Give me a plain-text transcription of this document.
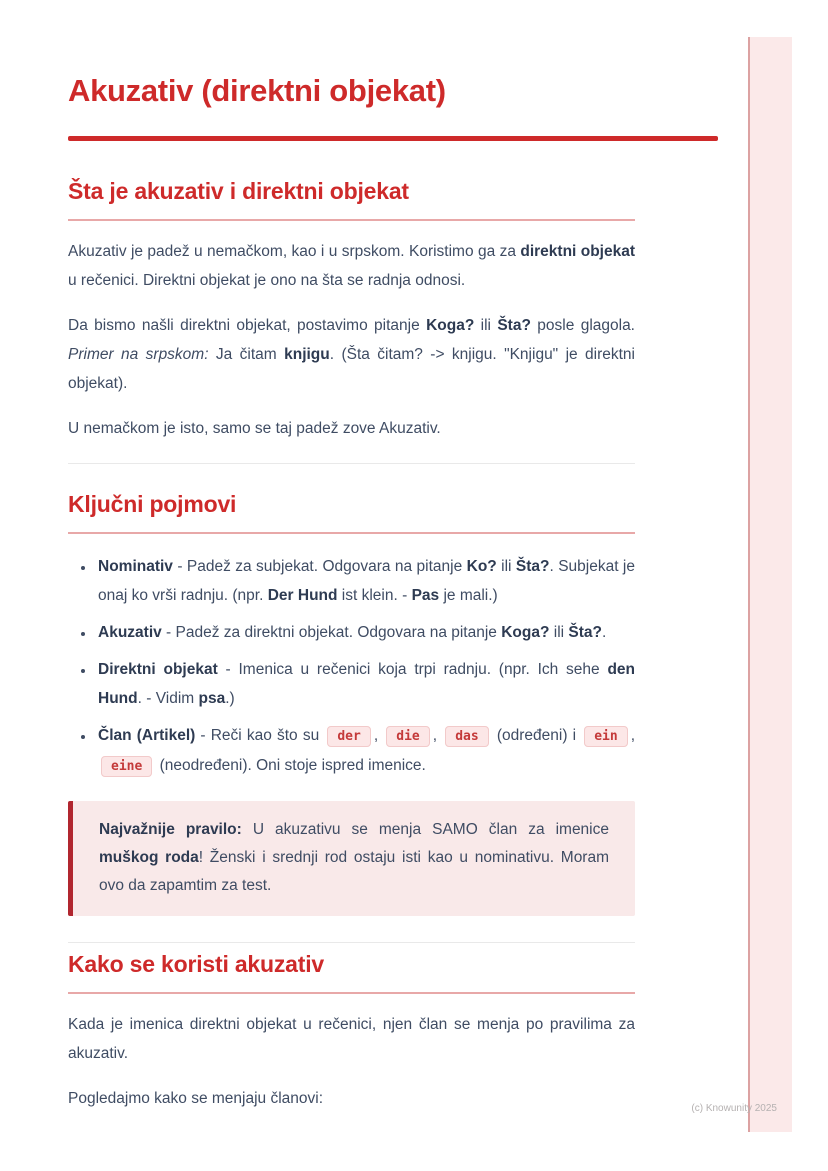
Akuzativ (direktni objekat)
Šta je akuzativ i direktni objekat

Akuzativ je padež u nemačkom, kao i u srpskom. Koristimo ga za direktni objekat u rečenici. Direktni objekat je ono na šta se radnja odnosi.

Da bismo našli direktni objekat, postavimo pitanje Koga? ili Šta? posle glagola. Primer na srpskom: Ja čitam knjigu. (Šta čitam? -> knjigu. "Knjigu" je direktni objekat).

U nemačkom je isto, samo se taj padež zove Akuzativ.

Ključni pojmovi
• Nominativ - Padež za subjekat. Odgovara na pitanje Ko? ili Šta?. Subjekat je onaj ko vrši radnju. (npr. Der Hund ist klein. - Pas je mali.)
• Akuzativ - Padež za direktni objekat. Odgovara na pitanje Koga? ili Šta?.
• Direktni objekat - Imenica u rečenici koja trpi radnju. (npr. Ich sehe den Hund. - Vidim psa.)
• Član (Artikel) - Reči kao što su der , die , das (određeni) i ein , eine (neodređeni). Oni stoje ispred imenice.

Najvažnije pravilo: U akuzativu se menja SAMO član za imenice muškog roda! Ženski i srednji rod ostaju isti kao u nominativu. Moram ovo da zapamtim za test.

Kako se koristi akuzativ

Kada je imenica direktni objekat u rečenici, njen član se menja po pravilima za akuzativ.

Pogledajmo kako se menjaju članovi:

(c) Knowunity 2025
